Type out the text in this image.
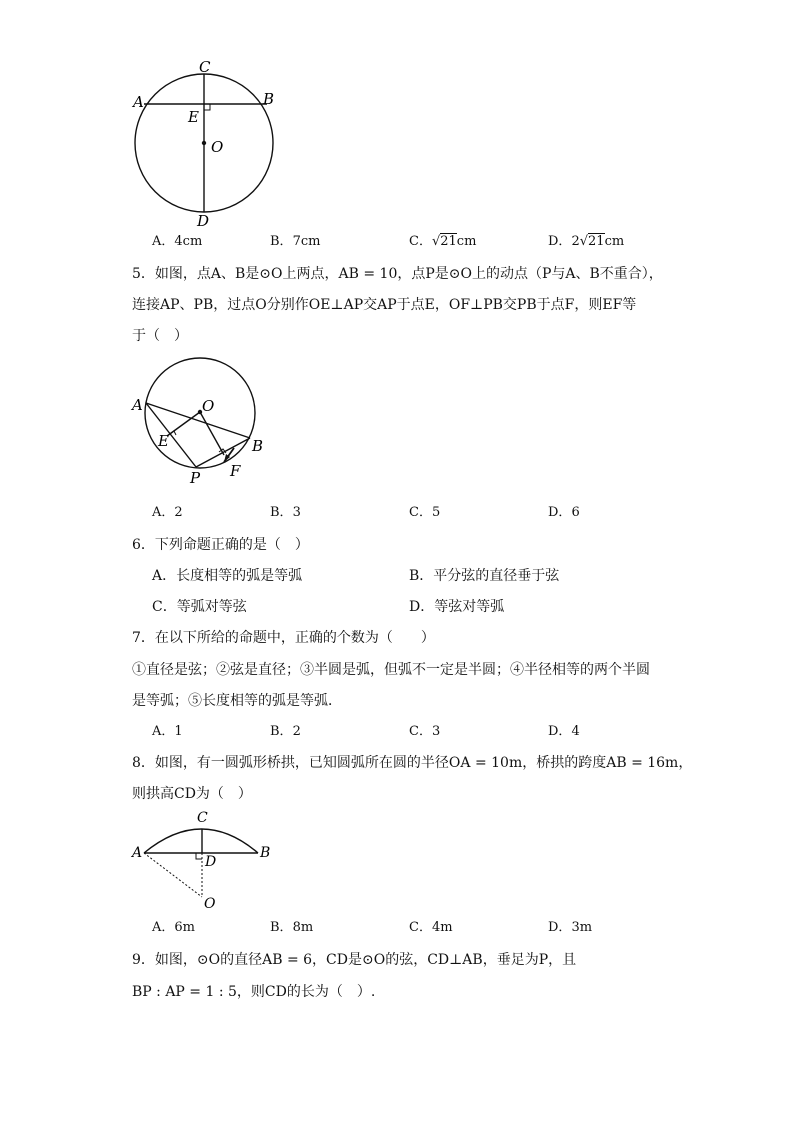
C
A	B
E
O
D
A．4cm	B．7cm	C．√21cm	D．2√21cm
5．如图，点A、B是⊙O上两点，AB = 10，点P是⊙O上的动点（P与A、B不重合），
连接AP、PB，过点O分别作OE⊥AP交AP于点E，OF⊥PB交PB于点F，则EF等
于（　）
A	O
E	B
P F
A．2	B．3	C．5	D．6
6．下列命题正确的是（　）
A．长度相等的弧是等弧	B．平分弦的直径垂于弦
C．等弧对等弦	D．等弦对等弧
7．在以下所给的命题中，正确的个数为（　　）
①直径是弦；②弦是直径；③半圆是弧，但弧不一定是半圆；④半径相等的两个半圆
是等弧；⑤长度相等的弧是等弧．
A．1	B．2	C．3	D．4
8．如图，有一圆弧形桥拱，已知圆弧所在圆的半径OA = 10m，桥拱的跨度AB = 16m，
则拱高CD为（　）
C
A
D
B
O
A．6m	B．8m	C．4m	D．3m
9．如图，⊙O的直径AB = 6，CD是⊙O的弦，CD⊥AB，垂足为P，且
BP : AP = 1 : 5，则CD的长为（　）.
